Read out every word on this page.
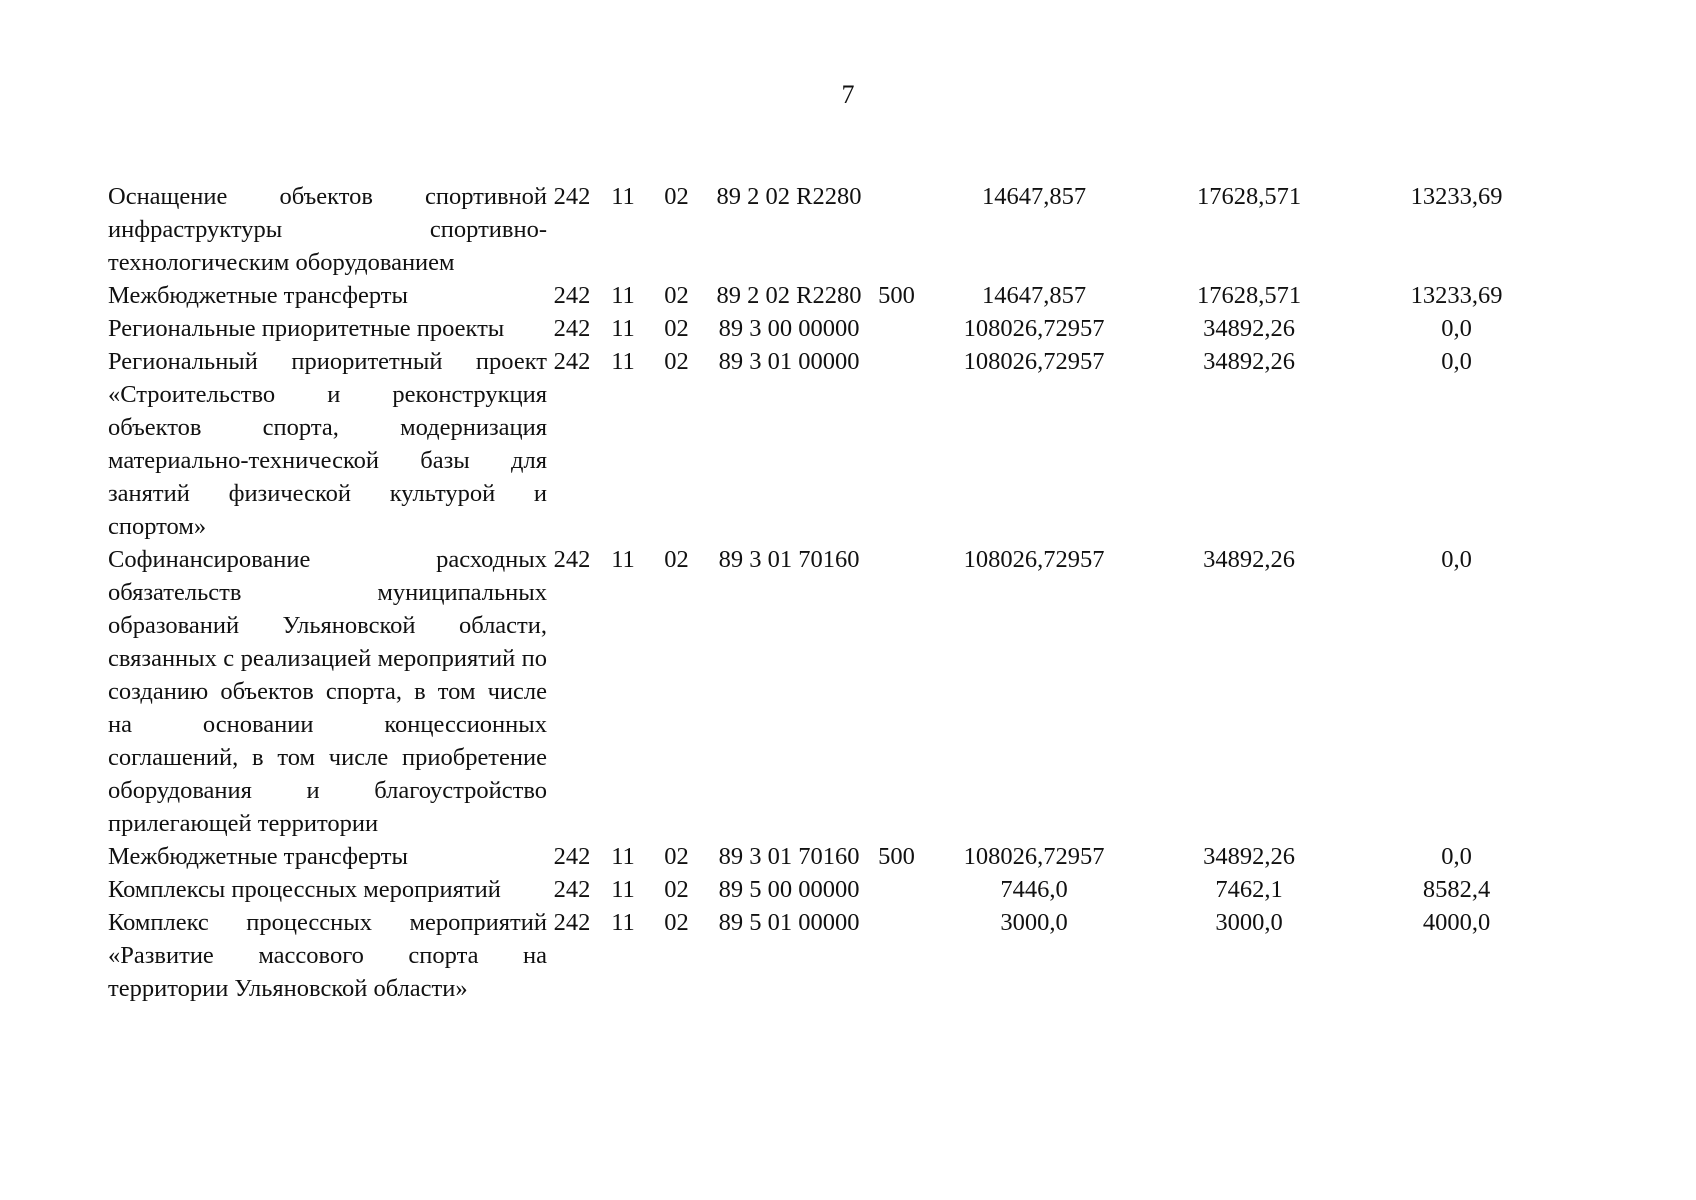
7
Оснащение объектов спортивной инфраструктуры спортивно-технологическим оборудованием	242	11	02	89 2 02 R2280		14647,857	17628,571	13233,69
Межбюджетные трансферты	242	11	02	89 2 02 R2280	500	14647,857	17628,571	13233,69
Региональные приоритетные проекты	242	11	02	89 3 00 00000		108026,72957	34892,26	0,0
Региональный приоритетный проект «Строительство и реконструкция объектов спорта, модернизация материально-технической базы для занятий физической культурой и спортом»	242	11	02	89 3 01 00000		108026,72957	34892,26	0,0
Софинансирование расходных обязательств муниципальных образований Ульяновской области, связанных с реализацией мероприятий по созданию объектов спорта, в том числе на основании концессионных соглашений, в том числе приобретение оборудования и благоустройство прилегающей территории	242	11	02	89 3 01 70160		108026,72957	34892,26	0,0
Межбюджетные трансферты	242	11	02	89 3 01 70160	500	108026,72957	34892,26	0,0
Комплексы процессных мероприятий	242	11	02	89 5 00 00000		7446,0	7462,1	8582,4
Комплекс процессных мероприятий «Развитие массового спорта на территории Ульяновской области»	242	11	02	89 5 01 00000		3000,0	3000,0	4000,0
